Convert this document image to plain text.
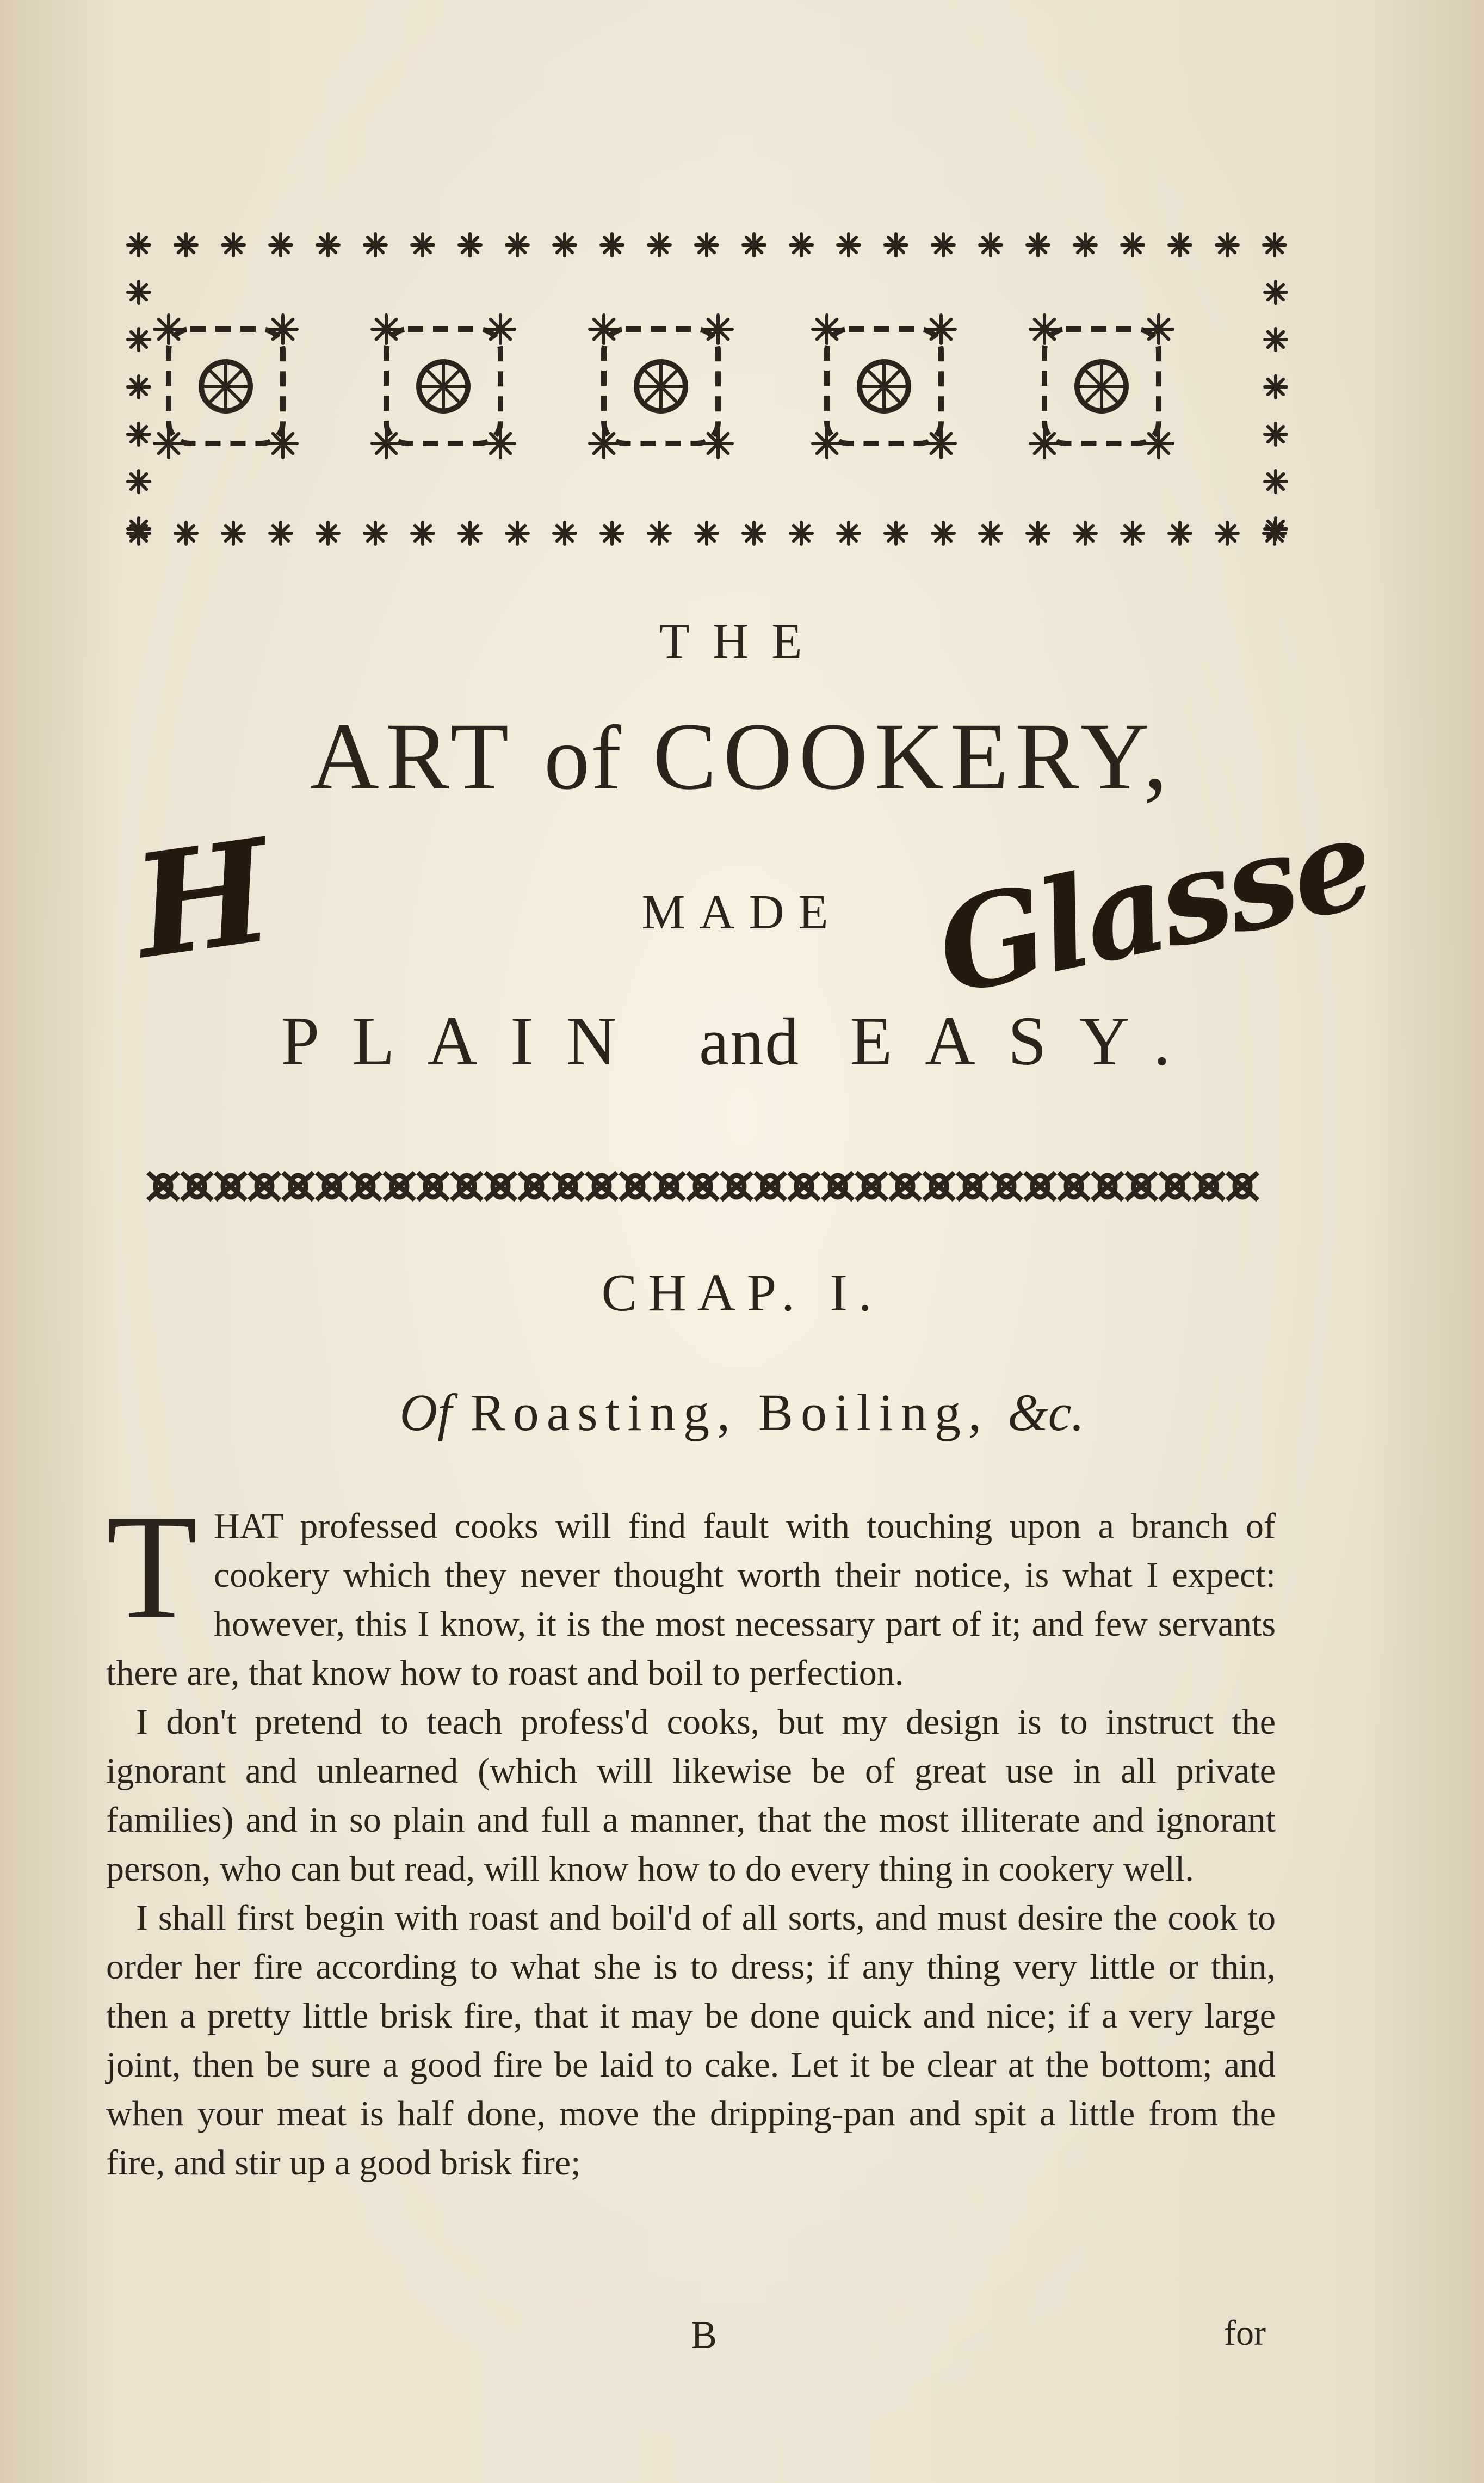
THE
ART of COOKERY,
H	MADE Glasse
PLAIN and EASY.
CHAP. I.
Of Roasting, Boiling, &c.

THAT professed cooks will find fault with touching upon a branch of cookery which they never thought worth their notice, is what I expect: however, this I know, it is the most necessary part of it; and few servants there are, that know how to roast and boil to perfection.

I don't pretend to teach profess'd cooks, but my design is to instruct the ignorant and unlearned (which will likewise be of great use in all private families) and in so plain and full a manner, that the most illiterate and ignorant person, who can but read, will know how to do every thing in cookery well.

I shall first begin with roast and boil'd of all sorts, and must desire the cook to order her fire according to what she is to dress; if any thing very little or thin, then a pretty little brisk fire, that it may be done quick and nice; if a very large joint, then be sure a good fire be laid to cake. Let it be clear at the bottom; and when your meat is half done, move the dripping-pan and spit a little from the fire, and stir up a good brisk fire;

B	for
